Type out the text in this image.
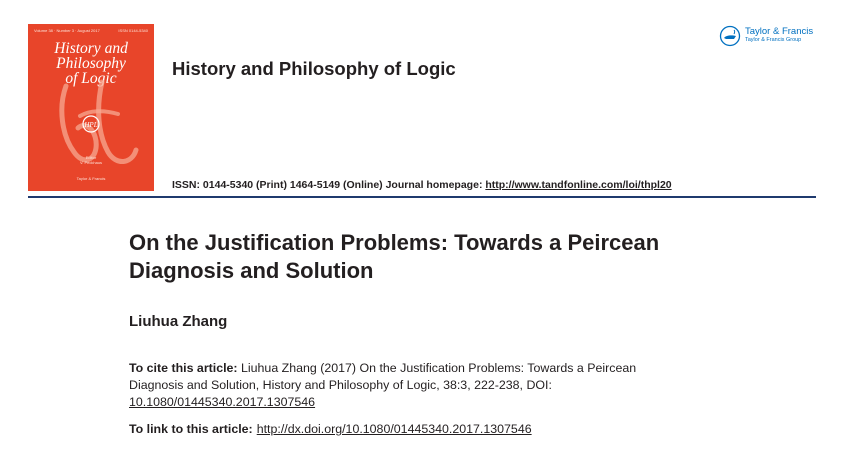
Volume 38 · Number 3 · August 2017	ISSN 0144-5340
History and
Philosophy
of Logic
HPL
Editor
V. Peckhaus
Taylor & Francis
History and Philosophy of Logic
Taylor & Francis
Taylor & Francis Group
ISSN: 0144-5340 (Print) 1464-5149 (Online) Journal homepage: http://www.tandfonline.com/loi/thpl20
On the Justification Problems: Towards a Peircean Diagnosis and Solution
Liuhua Zhang
To cite this article: Liuhua Zhang (2017) On the Justification Problems: Towards a Peircean Diagnosis and Solution, History and Philosophy of Logic, 38:3, 222-238, DOI: 10.1080/01445340.2017.1307546
To link to this article: http://dx.doi.org/10.1080/01445340.2017.1307546
